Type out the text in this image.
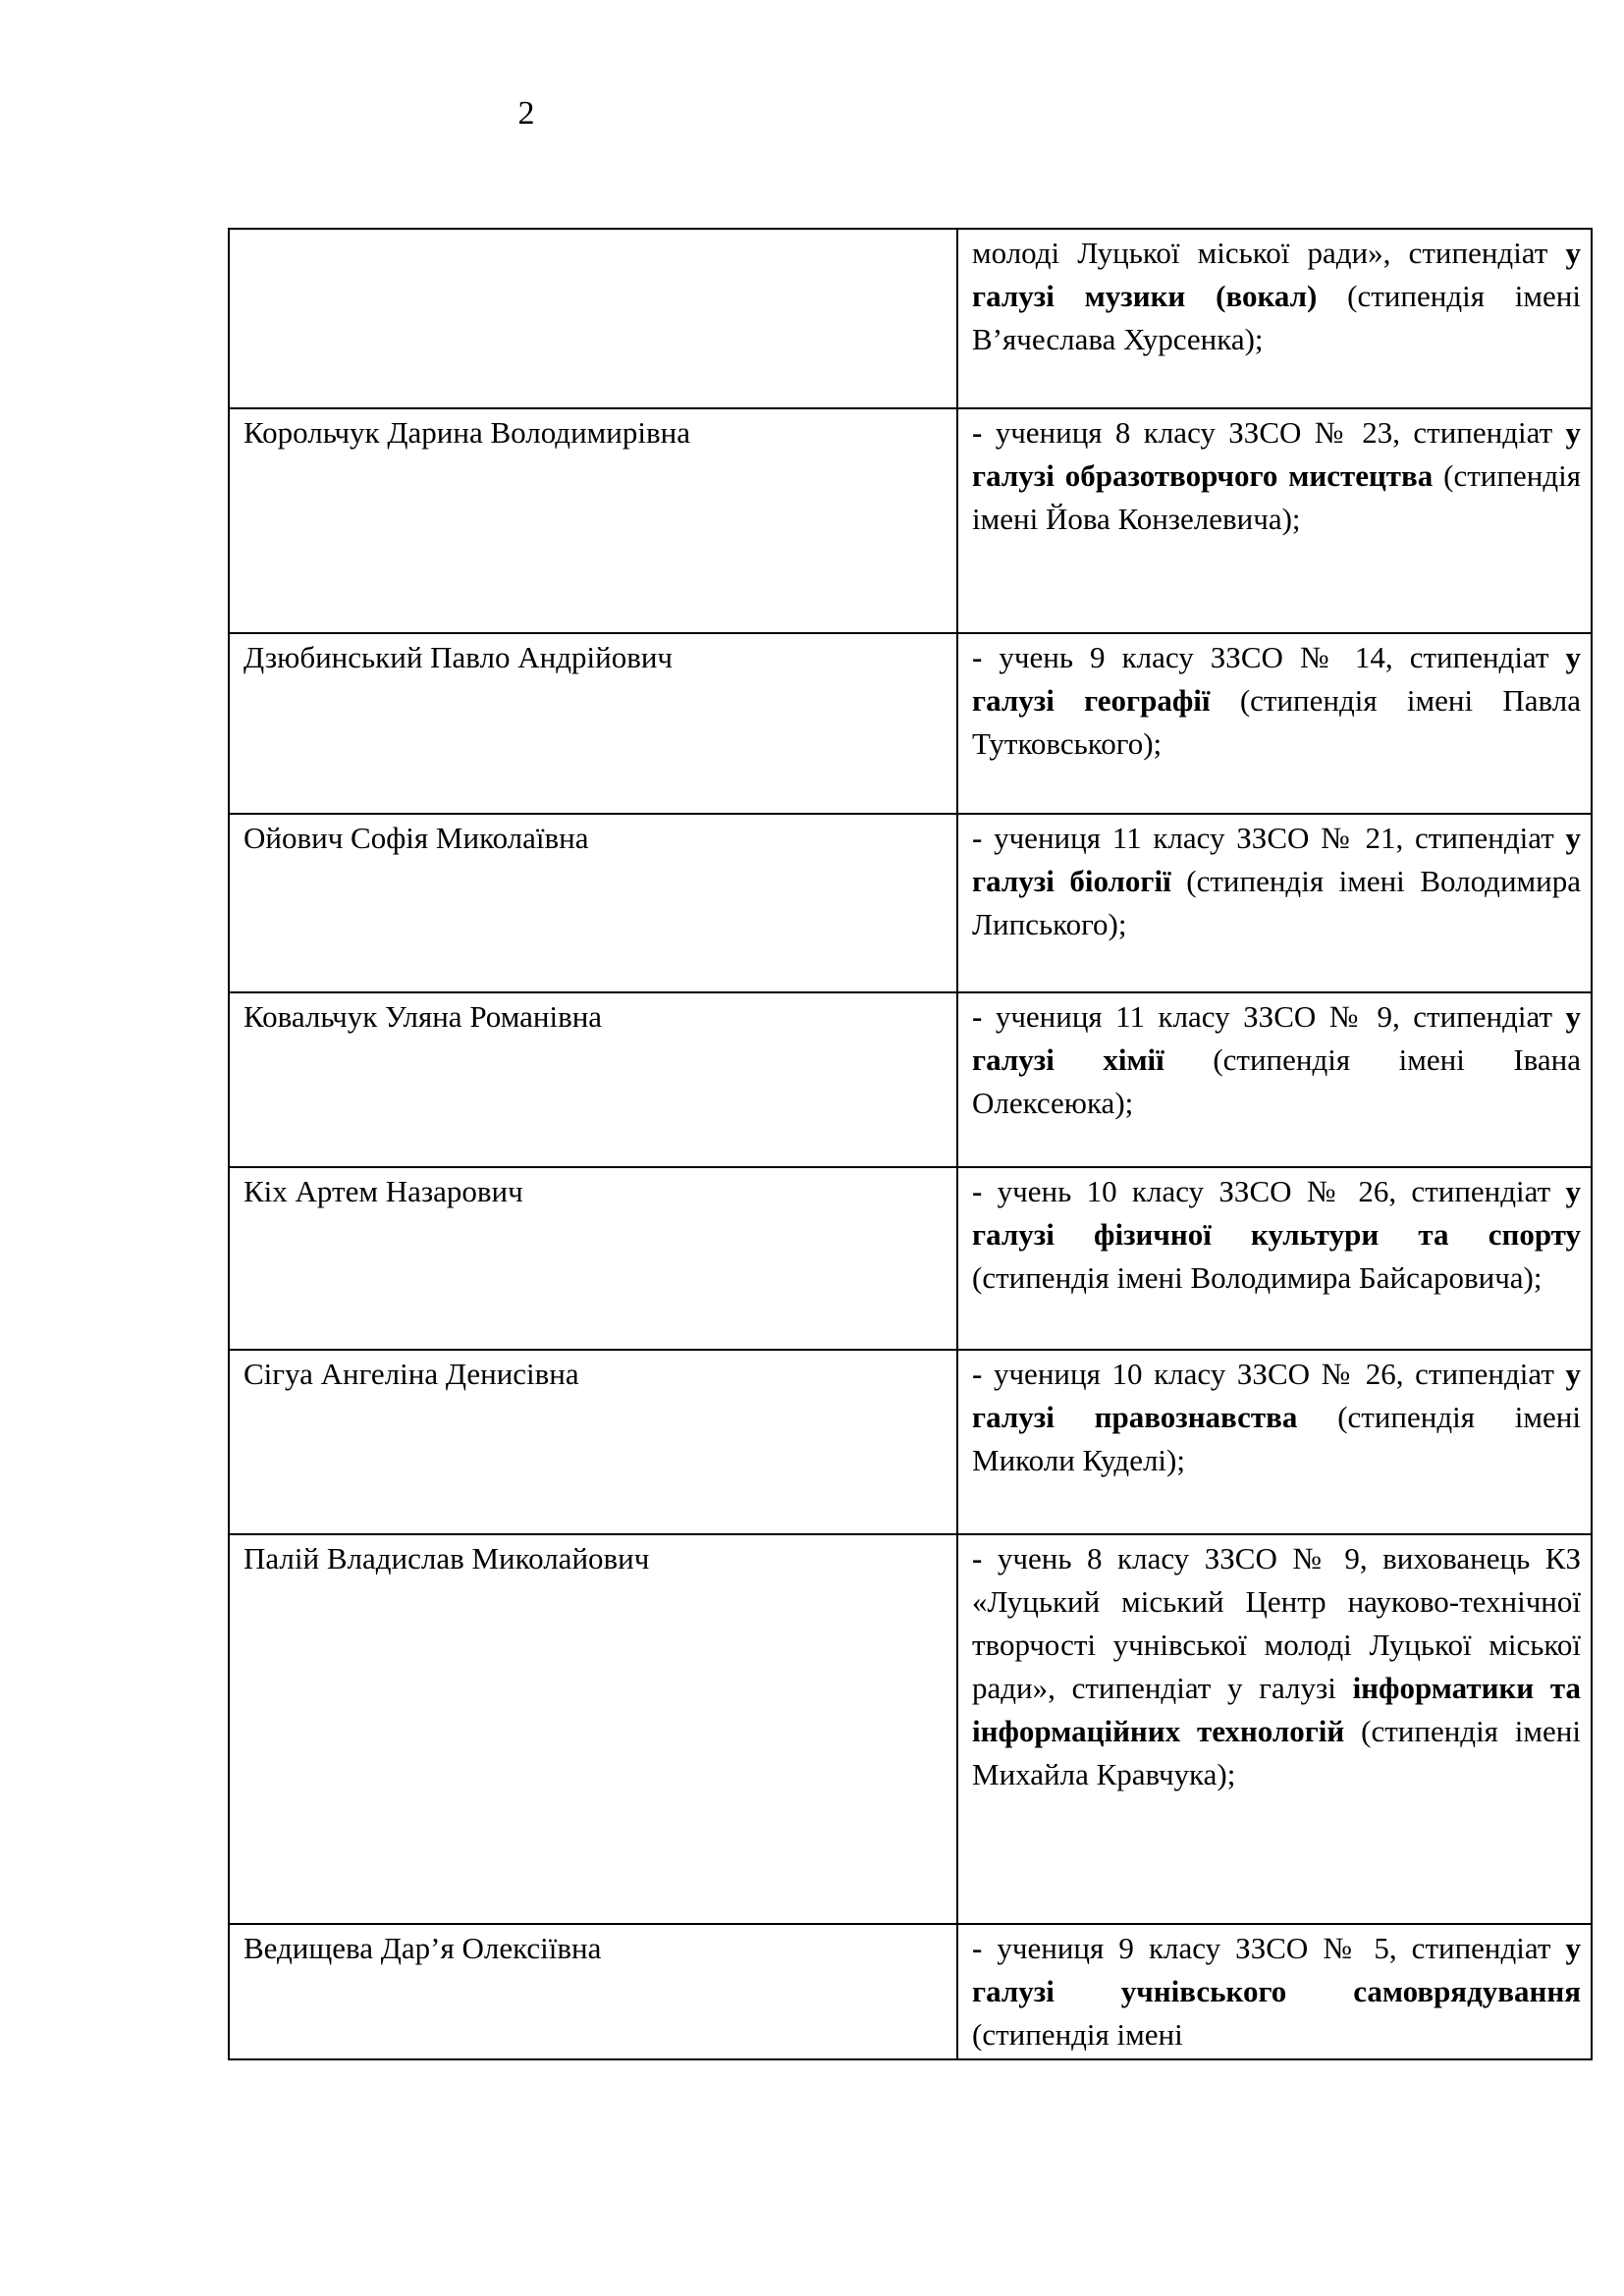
2
	молоді Луцької міської ради», стипендіат у галузі музики (вокал) (стипендія імені В’ячеслава Хурсенка);
Корольчук Дарина Володимирівна	- учениця 8 класу ЗЗСО № 23, стипендіат у галузі образотворчого мистецтва (стипендія імені Йова Конзелевича);
Дзюбинський Павло Андрійович	- учень 9 класу ЗЗСО № 14, стипендіат у галузі географії (стипендія імені Павла Тутковського);
Ойович Софія Миколаївна	- учениця 11 класу ЗЗСО № 21, стипендіат у галузі біології (стипендія імені Володимира Липського);
Ковальчук Уляна Романівна	- учениця 11 класу ЗЗСО № 9, стипендіат у галузі хімії (стипендія імені Івана Олексеюка);
Кіх Артем Назарович	- учень 10 класу ЗЗСО № 26, стипендіат у галузі фізичної культури та спорту (стипендія імені Володимира Байсаровича);
Сігуа Ангеліна Денисівна	- учениця 10 класу ЗЗСО № 26, стипендіат у галузі правознавства (стипендія імені Миколи Куделі);
Палій Владислав Миколайович	- учень 8 класу ЗЗСО № 9, вихованець КЗ «Луцький міський Центр науково-технічної творчості учнівської молоді Луцької міської ради», стипендіат у галузі інформатики та інформаційних технологій (стипендія імені Михайла Кравчука);
Ведищева Дар’я Олексіївна	- учениця 9 класу ЗЗСО № 5, стипендіат у галузі учнівського самоврядування (стипендія імені
